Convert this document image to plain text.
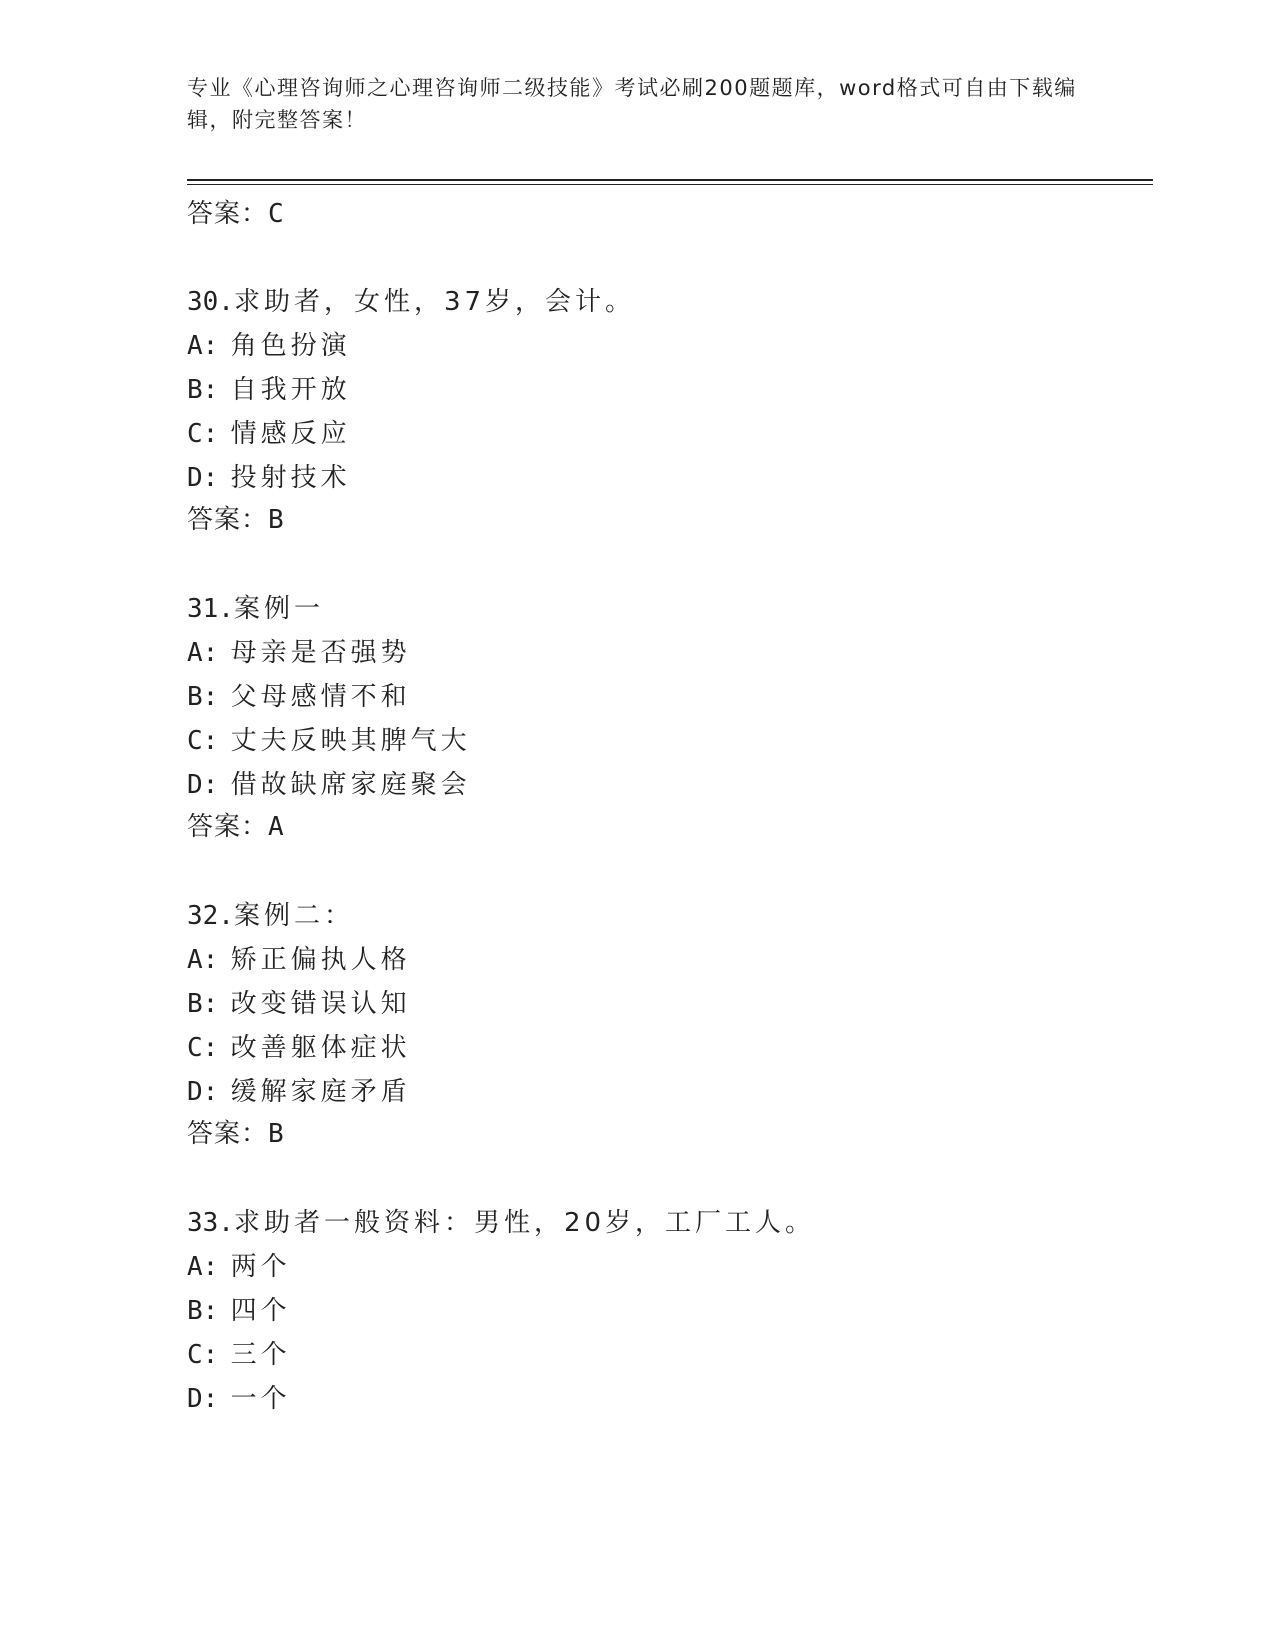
专业《心理咨询师之心理咨询师二级技能》考试必刷200题题库，word格式可自由下载编辑，附完整答案！
答案：C
30.求助者，女性，37岁，会计。
A: 角色扮演
B: 自我开放
C: 情感反应
D: 投射技术
答案：B
31.案例一
A: 母亲是否强势
B: 父母感情不和
C: 丈夫反映其脾气大
D: 借故缺席家庭聚会
答案：A
32.案例二：
A: 矫正偏执人格
B: 改变错误认知
C: 改善躯体症状
D: 缓解家庭矛盾
答案：B
33.求助者一般资料：男性，20岁，工厂工人。
A: 两个
B: 四个
C: 三个
D: 一个
